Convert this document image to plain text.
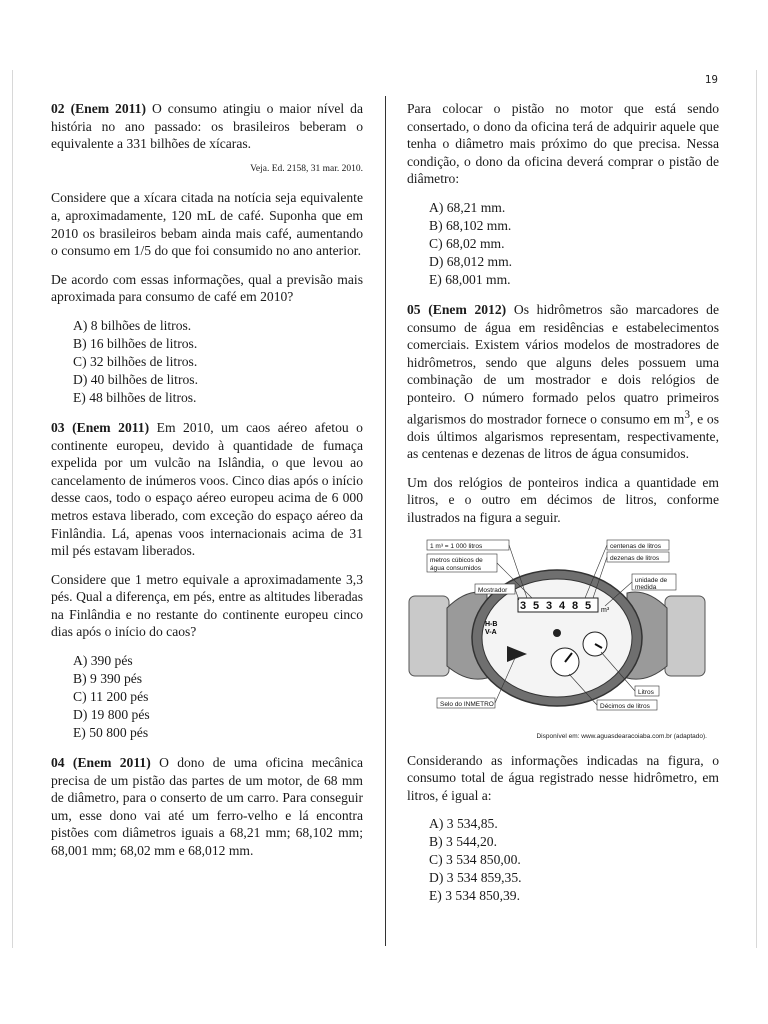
19

02 (Enem 2011) O consumo atingiu o maior nível da história no ano passado: os brasileiros beberam o equivalente a 331 bilhões de xícaras.

Veja. Ed. 2158, 31 mar. 2010.

Considere que a xícara citada na notícia seja equivalente a, aproximadamente, 120 mL de café. Suponha que em 2010 os brasileiros bebam ainda mais café, aumentando o consumo em 1/5 do que foi consumido no ano anterior.

De acordo com essas informações, qual a previsão mais aproximada para consumo de café em 2010?

A) 8 bilhões de litros.
B) 16 bilhões de litros.
C) 32 bilhões de litros.
D) 40 bilhões de litros.
E) 48 bilhões de litros.

03 (Enem 2011) Em 2010, um caos aéreo afetou o continente europeu, devido à quantidade de fumaça expelida por um vulcão na Islândia, o que levou ao cancelamento de inúmeros voos. Cinco dias após o início desse caos, todo o espaço aéreo europeu acima de 6 000 metros estava liberado, com exceção do espaço aéreo da Finlândia. Lá, apenas voos internacionais acima de 31 mil pés estavam liberados.

Considere que 1 metro equivale a aproximadamente 3,3 pés. Qual a diferença, em pés, entre as altitudes liberadas na Finlândia e no restante do continente europeu cinco dias após o início do caos?

A) 390 pés
B) 9 390 pés
C) 11 200 pés
D) 19 800 pés
E) 50 800 pés

04 (Enem 2011) O dono de uma oficina mecânica precisa de um pistão das partes de um motor, de 68 mm de diâmetro, para o conserto de um carro. Para conseguir um, esse dono vai até um ferro-velho e lá encontra pistões com diâmetros iguais a 68,21 mm; 68,102 mm; 68,001 mm; 68,02 mm e 68,012 mm.

Para colocar o pistão no motor que está sendo consertado, o dono da oficina terá de adquirir aquele que tenha o diâmetro mais próximo do que precisa. Nessa condição, o dono da oficina deverá comprar o pistão de diâmetro:

A) 68,21 mm.
B) 68,102 mm.
C) 68,02 mm.
D) 68,012 mm.
E) 68,001 mm.

05 (Enem 2012) Os hidrômetros são marcadores de consumo de água em residências e estabelecimentos comerciais. Existem vários modelos de mostradores de hidrômetros, sendo que alguns deles possuem uma combinação de um mostrador e dois relógios de ponteiro. O número formado pelos quatro primeiros algarismos do mostrador fornece o consumo em $m^3$, e os dois últimos algarismos representam, respectivamente, as centenas e dezenas de litros de água consumidos.

Um dos relógios de ponteiros indica a quantidade em litros, e o outro em décimos de litros, conforme ilustrados na figura a seguir.

3 5 3 4 8 5 m³
H-B
V-A
1 m³ = 1 000 litros
metros cúbicos de água consumidos
Mostrador
centenas de litros
dezenas de litros
unidade de medida
Litros
Décimos de litros
Selo do INMETRO
Disponível em: www.aguasdearacoiaba.com.br (adaptado).

Considerando as informações indicadas na figura, o consumo total de água registrado nesse hidrômetro, em litros, é igual a:

A) 3 534,85.
B) 3 544,20.
C) 3 534 850,00.
D) 3 534 859,35.
E) 3 534 850,39.
